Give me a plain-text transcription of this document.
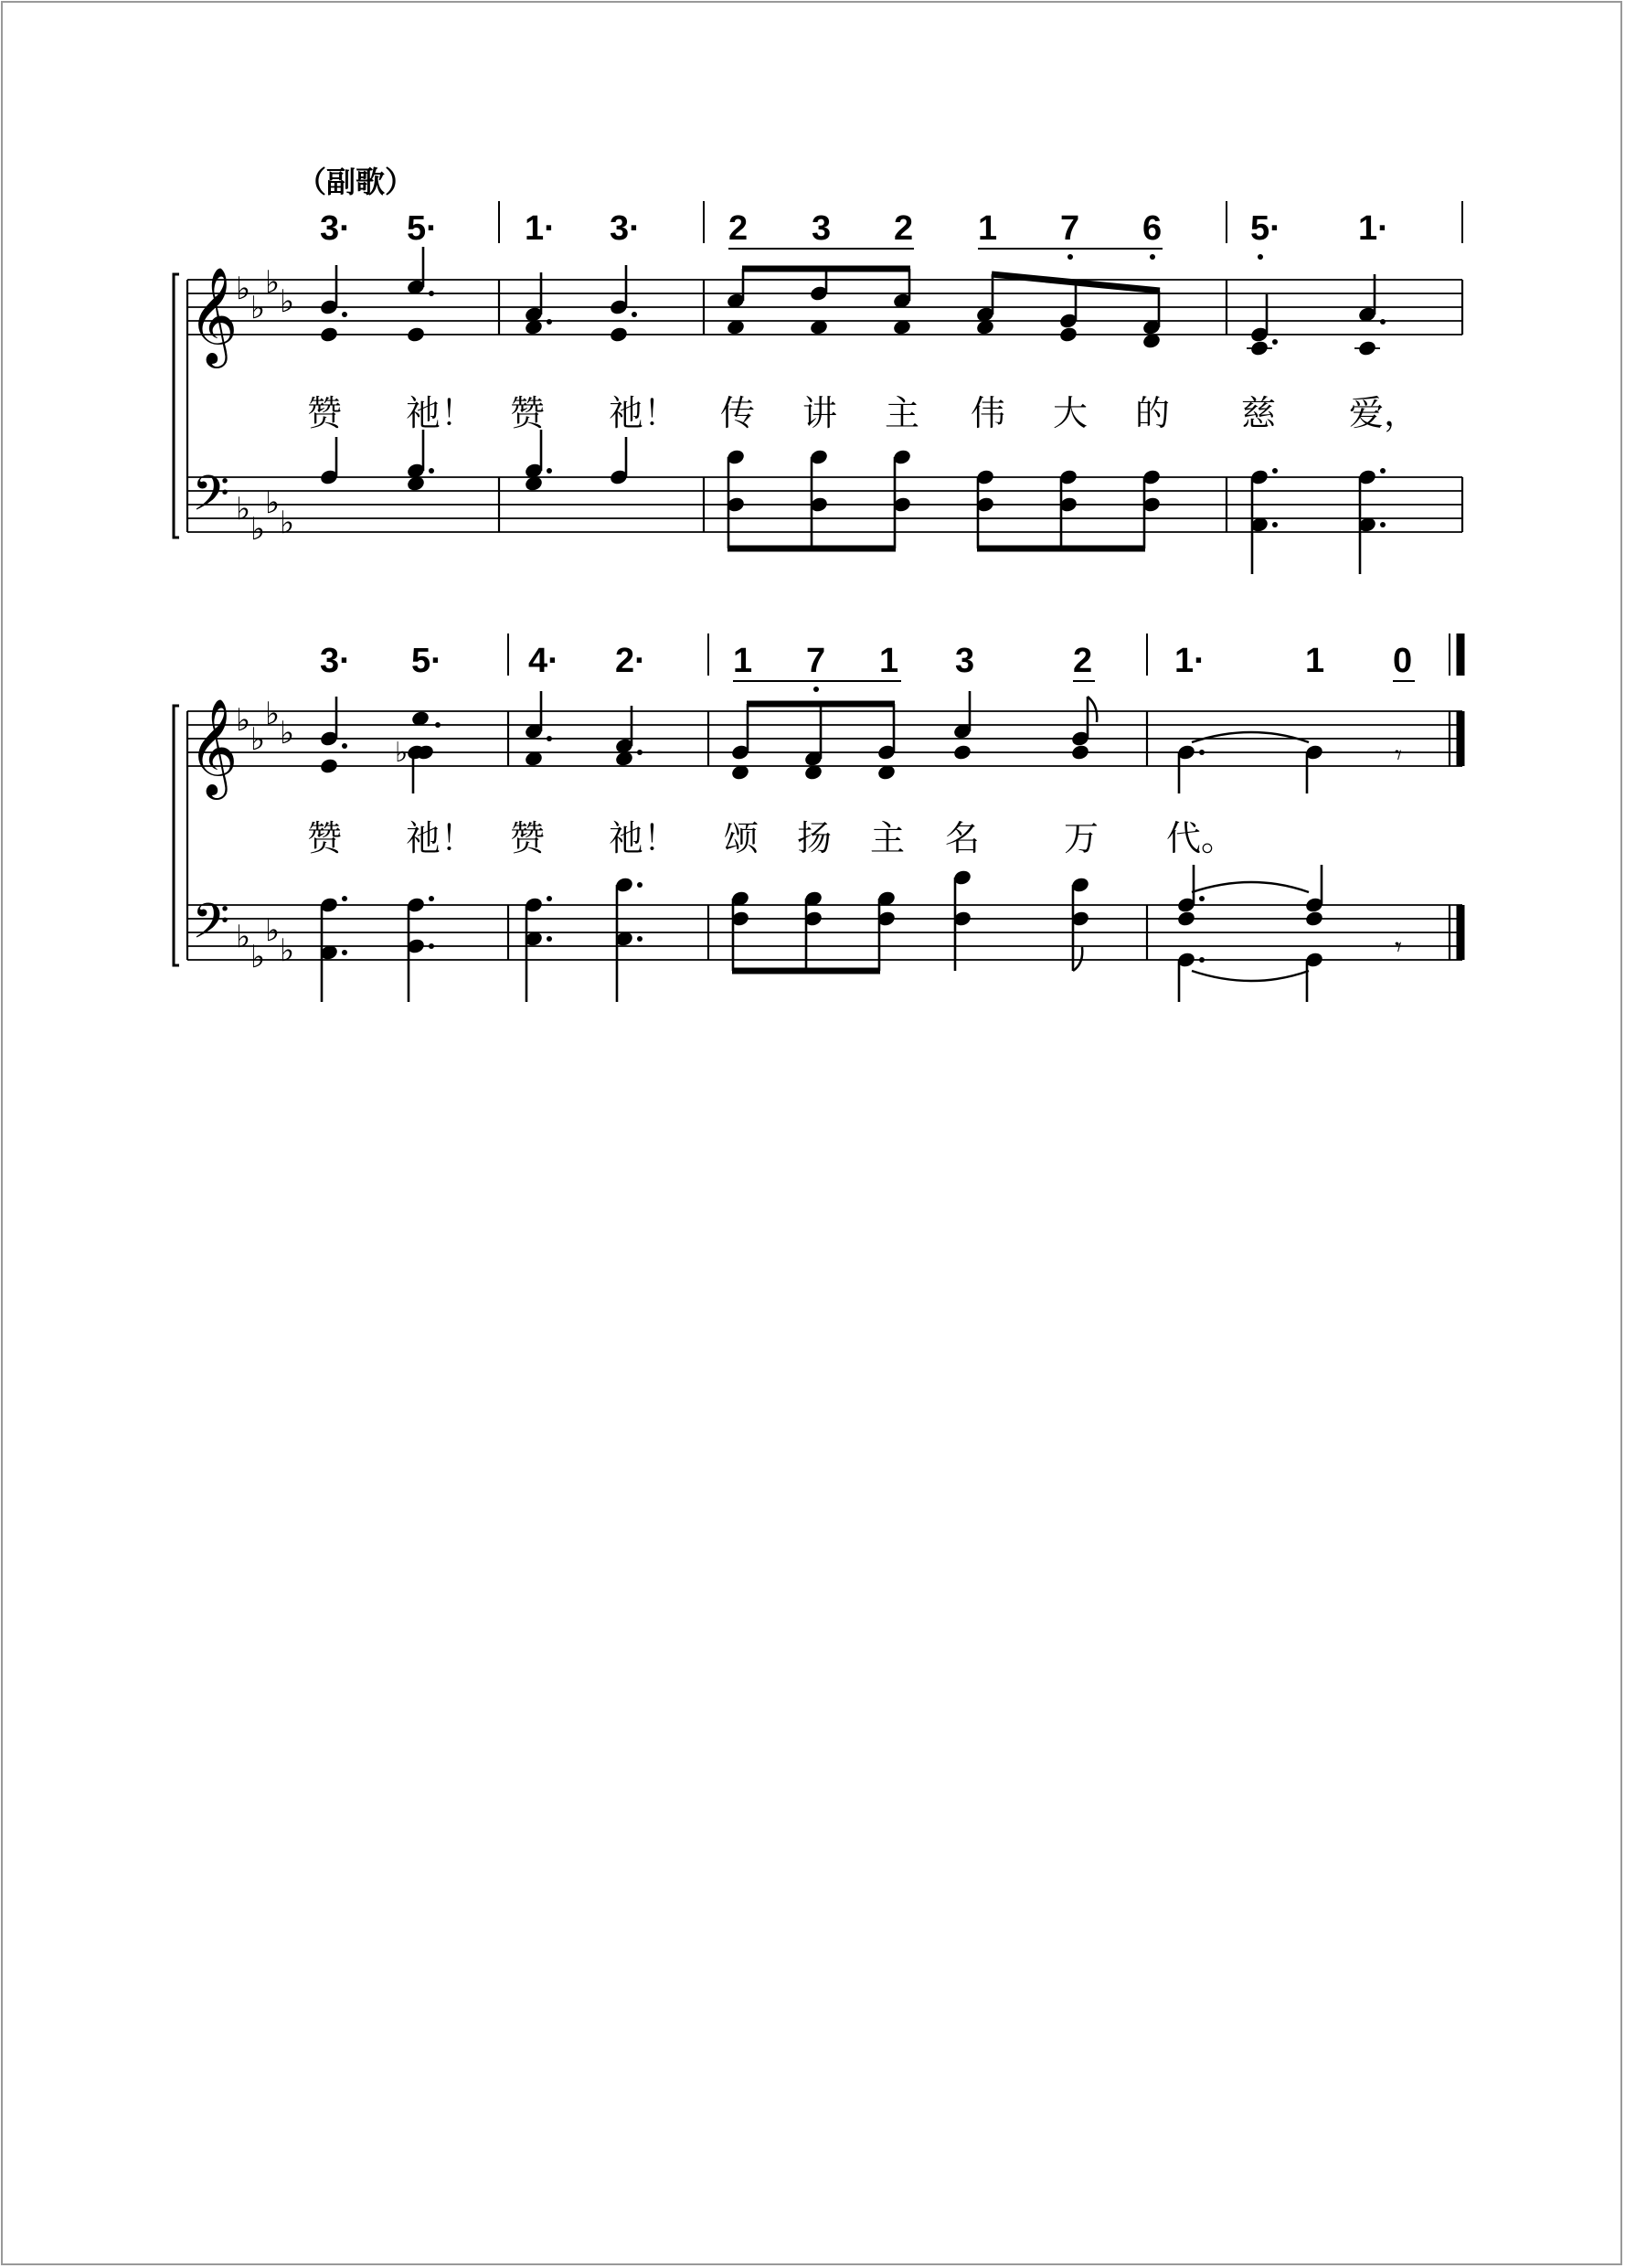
（副歌）
3· 5·	1· 3·	2 3 2 1 7 6	5· 1·
𝄞
♭
♭
♭
♭
赞 祂！ 赞 祂！ 传 讲 主 伟 大 的 慈 爱，
𝄢 ♭
♭
♭
♭
3· 5· 4· 2·	1 7 1 3	2 1·	1 0
𝄞
♭
♭
♭
♭
♭	𝄾
赞 祂！ 赞 祂！ 颂 扬 主 名 万 代。
𝄢 ♭
♭
♭
♭	𝄾
